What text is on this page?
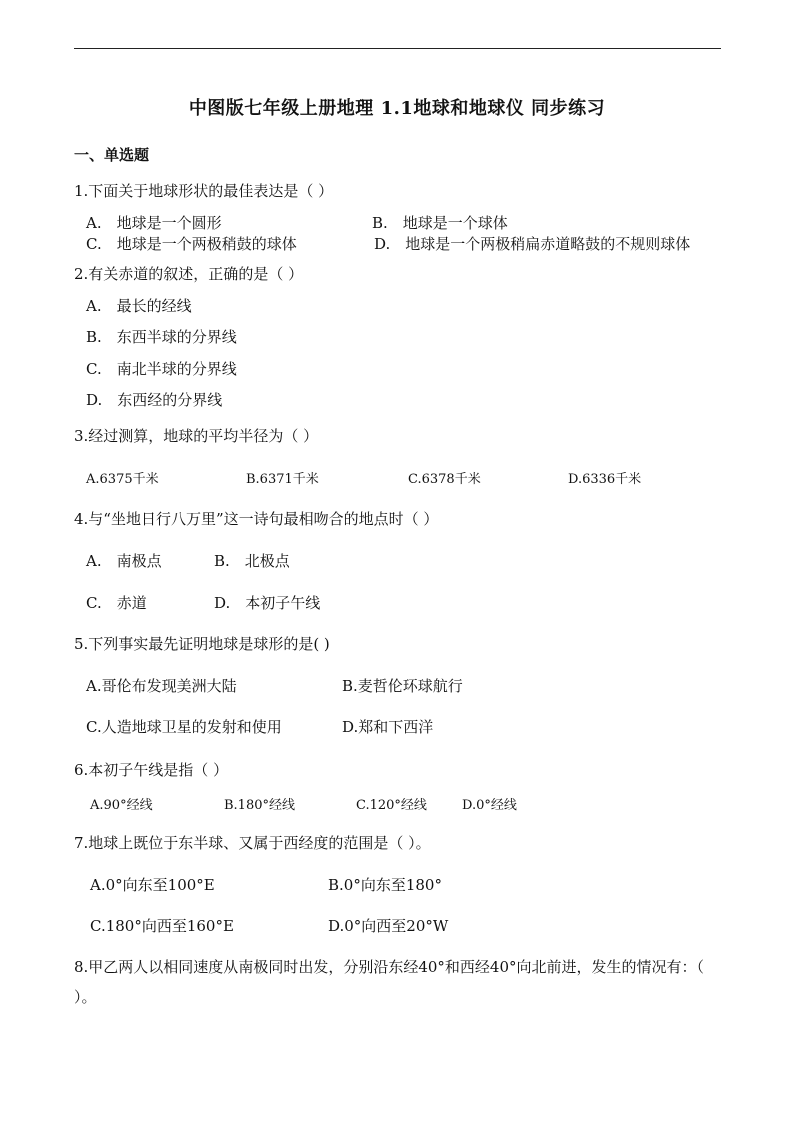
中图版七年级上册地理 1.1地球和地球仪 同步练习
一、单选题
1.下面关于地球形状的最佳表达是（ ）
A.　地球是一个圆形	B.　地球是一个球体
C.　地球是一个两极稍鼓的球体	D.　地球是一个两极稍扁赤道略鼓的不规则球体
2.有关赤道的叙述，正确的是（ ）
A.　最长的经线
B.　东西半球的分界线
C.　南北半球的分界线
D.　东西经的分界线
3.经过测算，地球的平均半径为（ ）
A.6375千米	B.6371千米	C.6378千米	D.6336千米
4.与“坐地日行八万里”这一诗句最相吻合的地点时（ ）
A.　南极点	B.　北极点
C.　赤道	D.　本初子午线
5.下列事实最先证明地球是球形的是( )
A.哥伦布发现美洲大陆	B.麦哲伦环球航行
C.人造地球卫星的发射和使用	D.郑和下西洋
6.本初子午线是指（ ）
A.90°经线	B.180°经线	C.120°经线	D.0°经线
7.地球上既位于东半球、又属于西经度的范围是（ ）。
A.0°向东至100°E	B.0°向东至180°
C.180°向西至160°E	D.0°向西至20°W
8.甲乙两人以相同速度从南极同时出发，分别沿东经40°和西经40°向北前进，发生的情况有：（ ）。
